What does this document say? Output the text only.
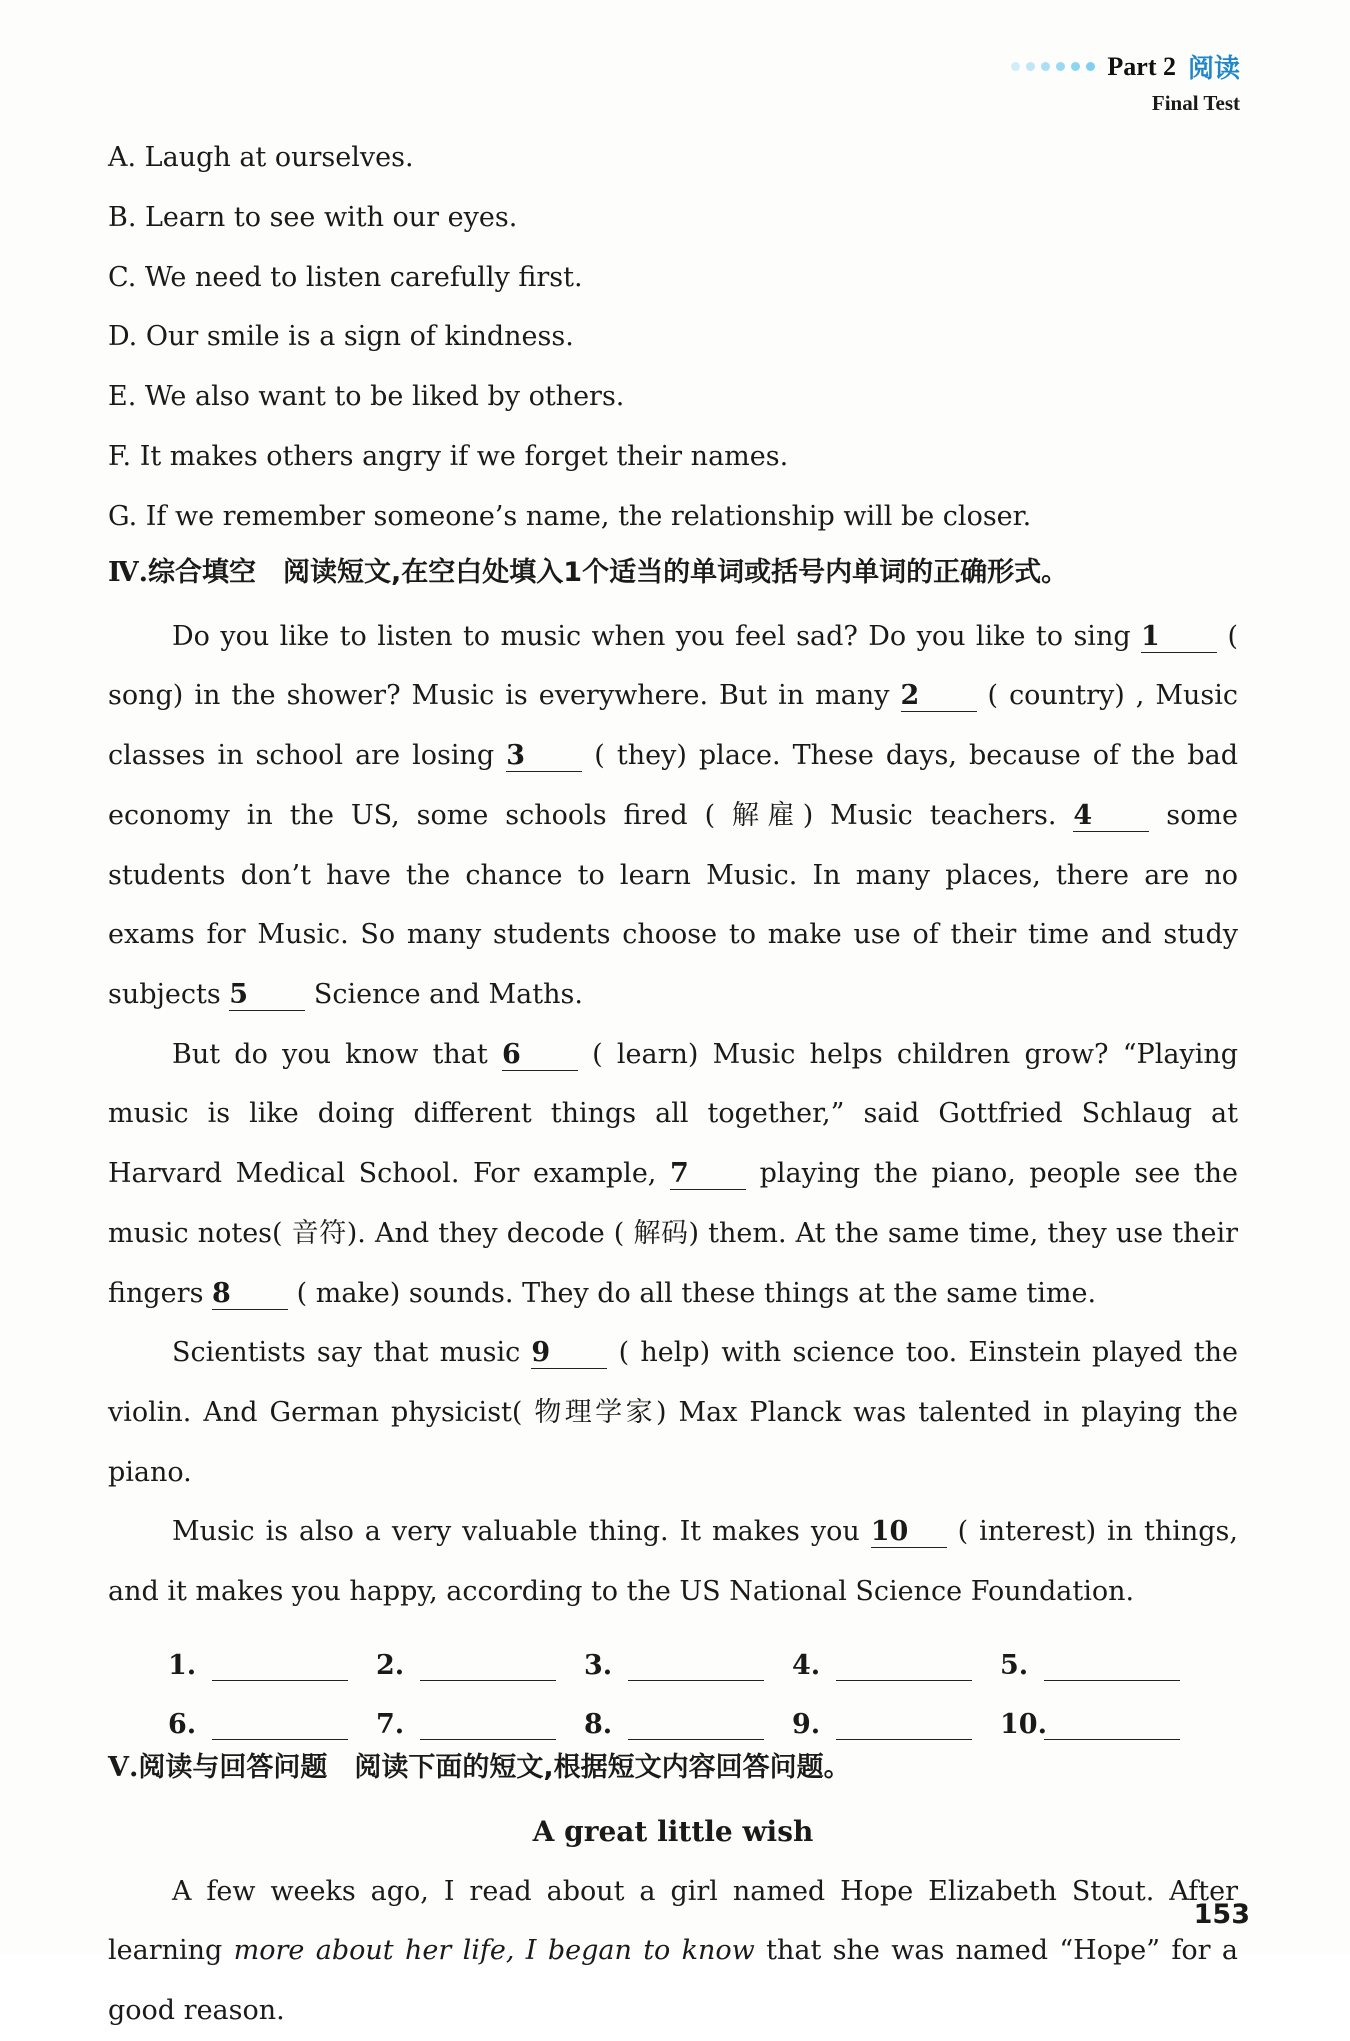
Part 2 阅读
Final Test
A. Laugh at ourselves.
B. Learn to see with our eyes.
C. We need to listen carefully first.
D. Our smile is a sign of kindness.
E. We also want to be liked by others.
F. It makes others angry if we forget their names.
G. If we remember someone’s name, the relationship will be closer.
Ⅳ.综合填空　阅读短文,在空白处填入1个适当的单词或括号内单词的正确形式。
Do you like to listen to music when you feel sad? Do you like to sing 1 ( song) in the shower? Music is everywhere. But in many 2 ( country) , Music classes in school are losing 3 ( they) place. These days, because of the bad economy in the US, some schools fired ( 解雇) Music teachers. 4 some students don’t have the chance to learn Music. In many places, there are no exams for Music. So many students choose to make use of their time and study subjects 5 Science and Maths.
But do you know that 6 ( learn) Music helps children grow? “Playing music is like doing different things all together,” said Gottfried Schlaug at Harvard Medical School. For example, 7 playing the piano, people see the music notes( 音符). And they decode ( 解码) them. At the same time, they use their fingers 8 ( make) sounds. They do all these things at the same time.
Scientists say that music 9 ( help) with science too. Einstein played the violin. And German physicist( 物理学家) Max Planck was talented in playing the piano.
Music is also a very valuable thing. It makes you 10 ( interest) in things, and it makes you happy, according to the US National Science Foundation.
1.	2.	3.	4.	5.
6.	7.	8.	9.	10.
Ⅴ.阅读与回答问题　阅读下面的短文,根据短文内容回答问题。
A great little wish
A few weeks ago, I read about a girl named Hope Elizabeth Stout. After learning more about her life, I began to know that she was named “Hope” for a good reason.
153
